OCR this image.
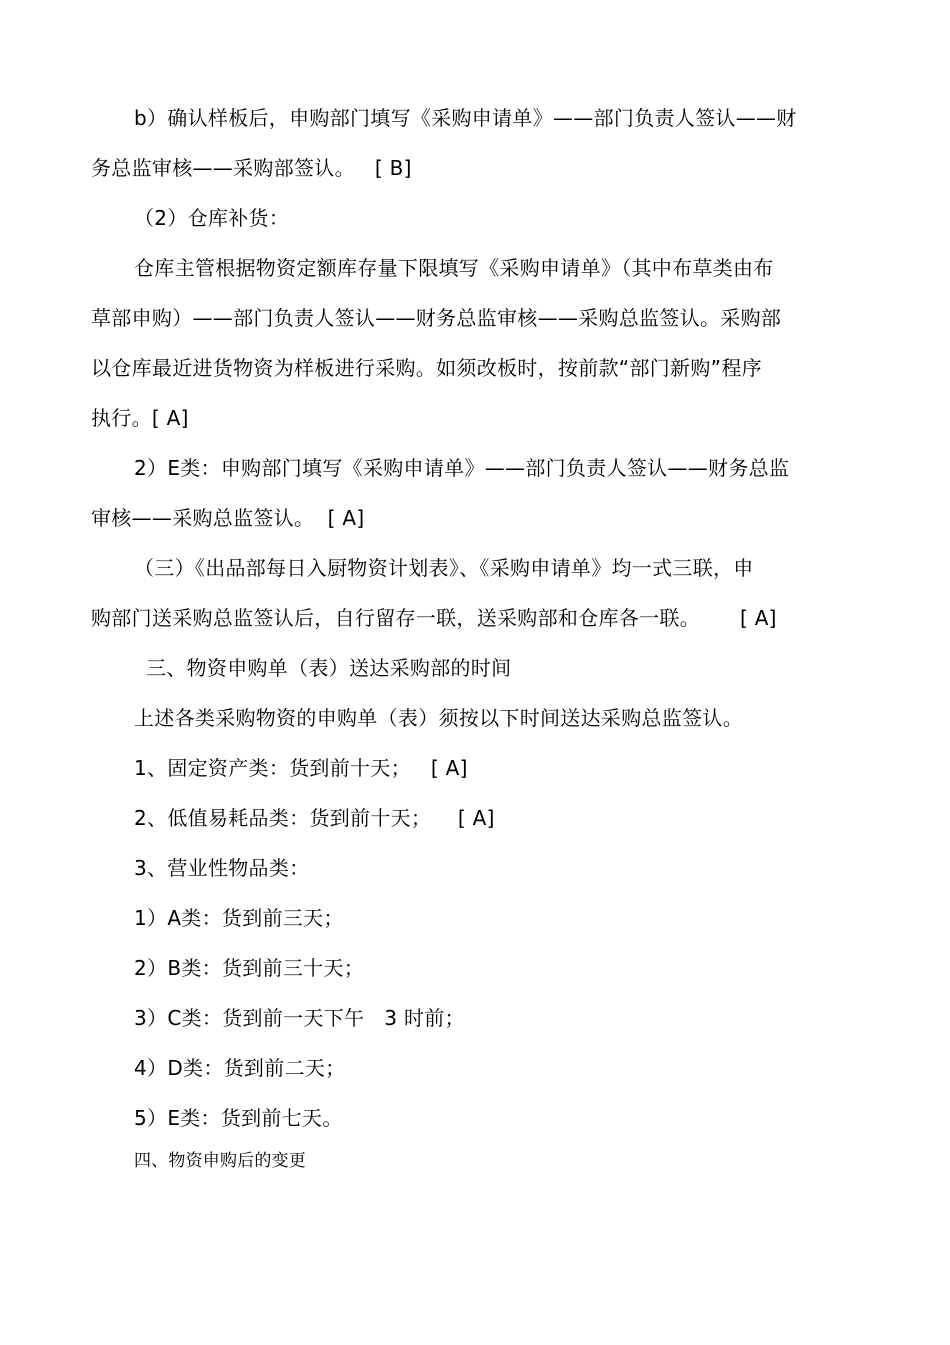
b）确认样板后，申购部门填写《采购申请单》——部门负责人签认——财
务总监审核——采购部签认。   [ B]
（2）仓库补货：
仓库主管根据物资定额库存量下限填写《采购申请单》（其中布草类由布
草部申购）——部门负责人签认——财务总监审核——采购总监签认。采购部
以仓库最近进货物资为样板进行采购。如须改板时，按前款“部门新购”程序
执行。[ A]
2）E类：申购部门填写《采购申请单》——部门负责人签认——财务总监
审核——采购总监签认。  [ A]
（三）《出品部每日入厨物资计划表》、《采购申请单》均一式三联，申
购部门送采购总监签认后，自行留存一联，送采购部和仓库各一联。      [ A]
三、物资申购单（表）送达采购部的时间
上述各类采购物资的申购单（表）须按以下时间送达采购总监签认。
1、固定资产类：货到前十天；   [ A]
2、低值易耗品类：货到前十天；    [ A]
3、营业性物品类：
1）A类：货到前三天；
2）B类：货到前三十天；
3）C类：货到前一天下午   3 时前；
4）D类：货到前二天；
5）E类：货到前七天。
四、物资申购后的变更
